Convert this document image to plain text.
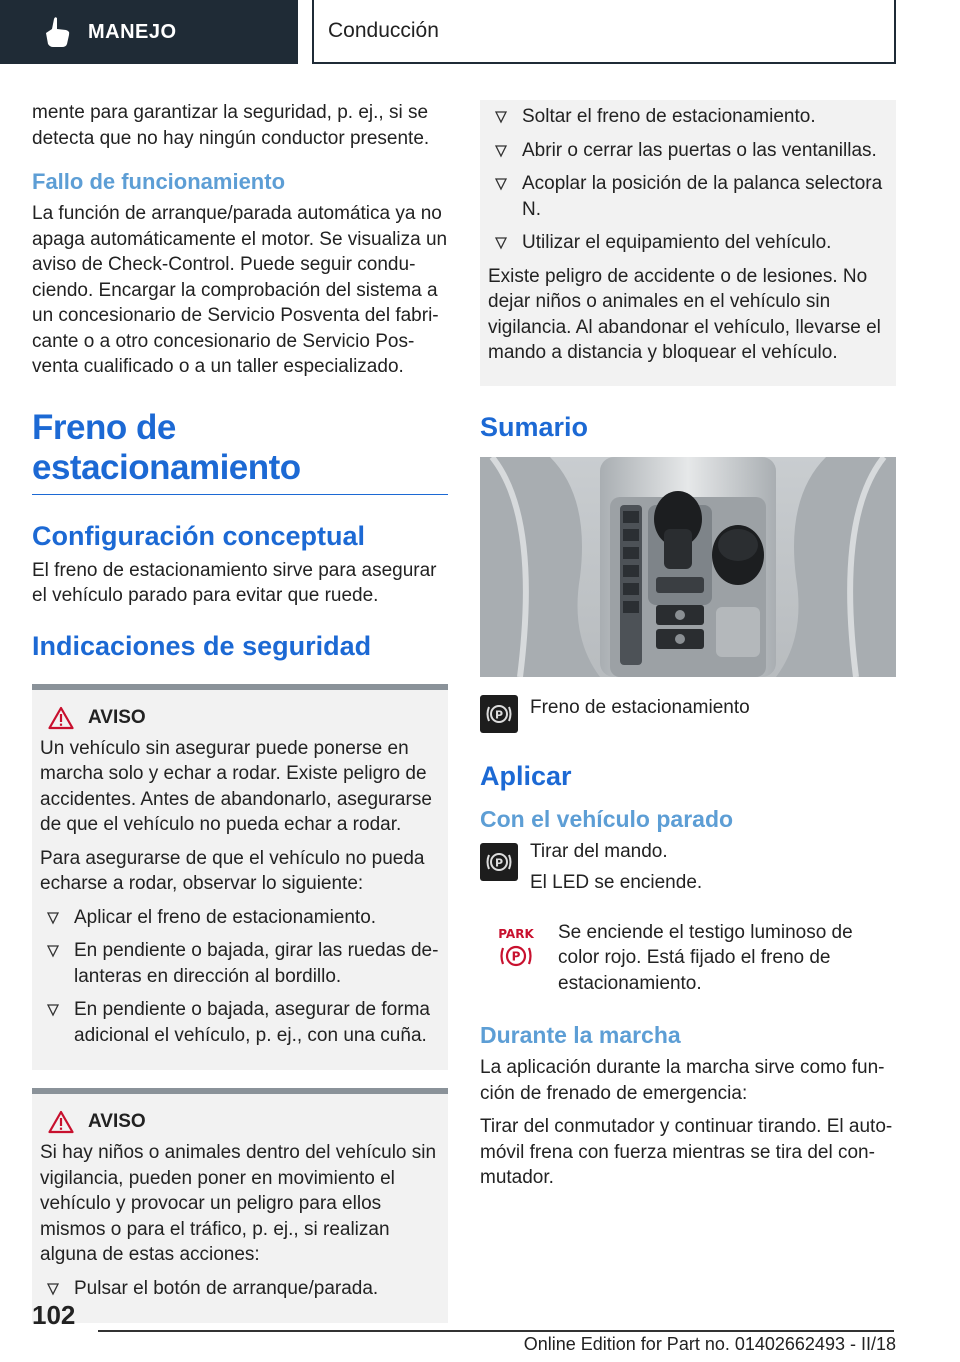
MANEJO	Conducción

mente para garantizar la seguridad, p. ej., si se detecta que no hay ningún conductor presente.

Fallo de funcionamiento

La función de arranque/parada automática ya no apaga automáticamente el motor. Se visualiza un aviso de Check-Control. Puede seguir conduciendo. Encargar la comprobación del sistema a un concesionario de Servicio Posventa del fabricante o a otro concesionario de Servicio Posventa cualificado o a un taller especializado.

Freno de estacionamiento
Configuración conceptual

El freno de estacionamiento sirve para asegurar el vehículo parado para evitar que ruede.

Indicaciones de seguridad
AVISO

Un vehículo sin asegurar puede ponerse en marcha solo y echar a rodar. Existe peligro de accidentes. Antes de abandonarlo, asegurarse de que el vehículo no pueda echar a rodar.

Para asegurarse de que el vehículo no pueda echarse a rodar, observar lo siguiente:

Aplicar el freno de estacionamiento.
En pendiente o bajada, girar las ruedas delanteras en dirección al bordillo.
En pendiente o bajada, asegurar de forma adicional el vehículo, p. ej., con una cuña.
AVISO

Si hay niños o animales dentro del vehículo sin vigilancia, pueden poner en movimiento el vehículo y provocar un peligro para ellos mismos o para el tráfico, p. ej., si realizan alguna de estas acciones:

Pulsar el botón de arranque/parada.
Soltar el freno de estacionamiento.
Abrir o cerrar las puertas o las ventanillas.
Acoplar la posición de la palanca selectora N.
Utilizar el equipamiento del vehículo.

Existe peligro de accidente o de lesiones. No dejar niños o animales en el vehículo sin vigilancia. Al abandonar el vehículo, llevarse el mando a distancia y bloquear el vehículo.

Sumario
P Freno de estacionamiento

Aplicar
Con el vehículo parado
P

Tirar del mando.

El LED se enciende.

PARK
P

Se enciende el testigo luminoso de color rojo. Está fijado el freno de estacionamiento.

Durante la marcha

La aplicación durante la marcha sirve como función de frenado de emergencia:

Tirar del conmutador y continuar tirando. El automóvil frena con fuerza mientras se tira del conmutador.

102
Online Edition for Part no. 01402662493 - II/18
